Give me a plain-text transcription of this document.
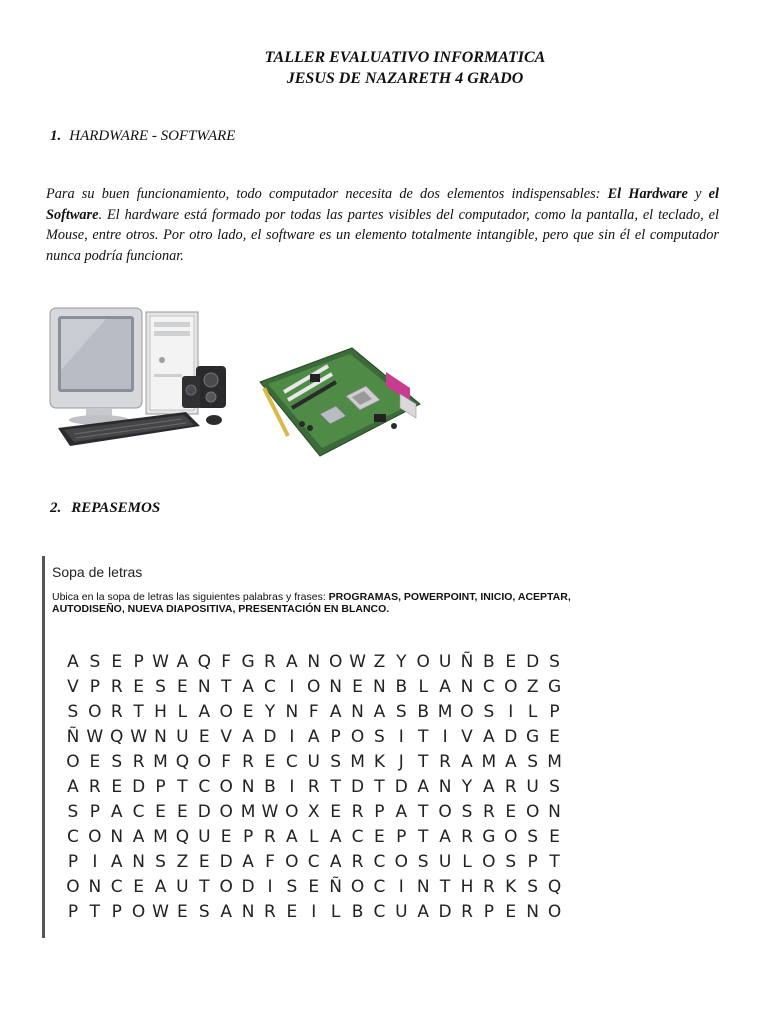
TALLER EVALUATIVO INFORMATICA
JESUS DE NAZARETH 4 GRADO
1. HARDWARE - SOFTWARE
Para su buen funcionamiento, todo computador necesita de dos elementos indispensables: El Hardware y el Software. El hardware está formado por todas las partes visibles del computador, como la pantalla, el teclado, el Mouse, entre otros. Por otro lado, el software es un elemento totalmente intangible, pero que sin él el computador nunca podría funcionar.
2. REPASEMOS
Sopa de letras
Ubica en la sopa de letras las siguientes palabras y frases: PROGRAMAS, POWERPOINT, INICIO, ACEPTAR, AUTODISEÑO, NUEVA DIAPOSITIVA, PRESENTACIÓN EN BLANCO.
A S E P W A Q F G R A N O W Z Y O U Ñ B E D S
V P R E S E N T A C I O N E N B L A N C O Z G
S O R T H L A O E Y N F A N A S B M O S I L P
Ñ W Q W N U E V A D I A P O S I T I V A D G E
O E S R M Q O F R E C U S M K J T R A M A S M
A R E D P T C O N B I R T D T D A N Y A R U S
S P A C E E D O M W O X E R P A T O S R E O N
C O N A M Q U E P R A L A C E P T A R G O S E
P I A N S Z E D A F O C A R C O S U L O S P T
O N C E A U T O D I S E Ñ O C I N T H R K S Q
P T P O W E S A N R E I L B C U A D R P E N O
